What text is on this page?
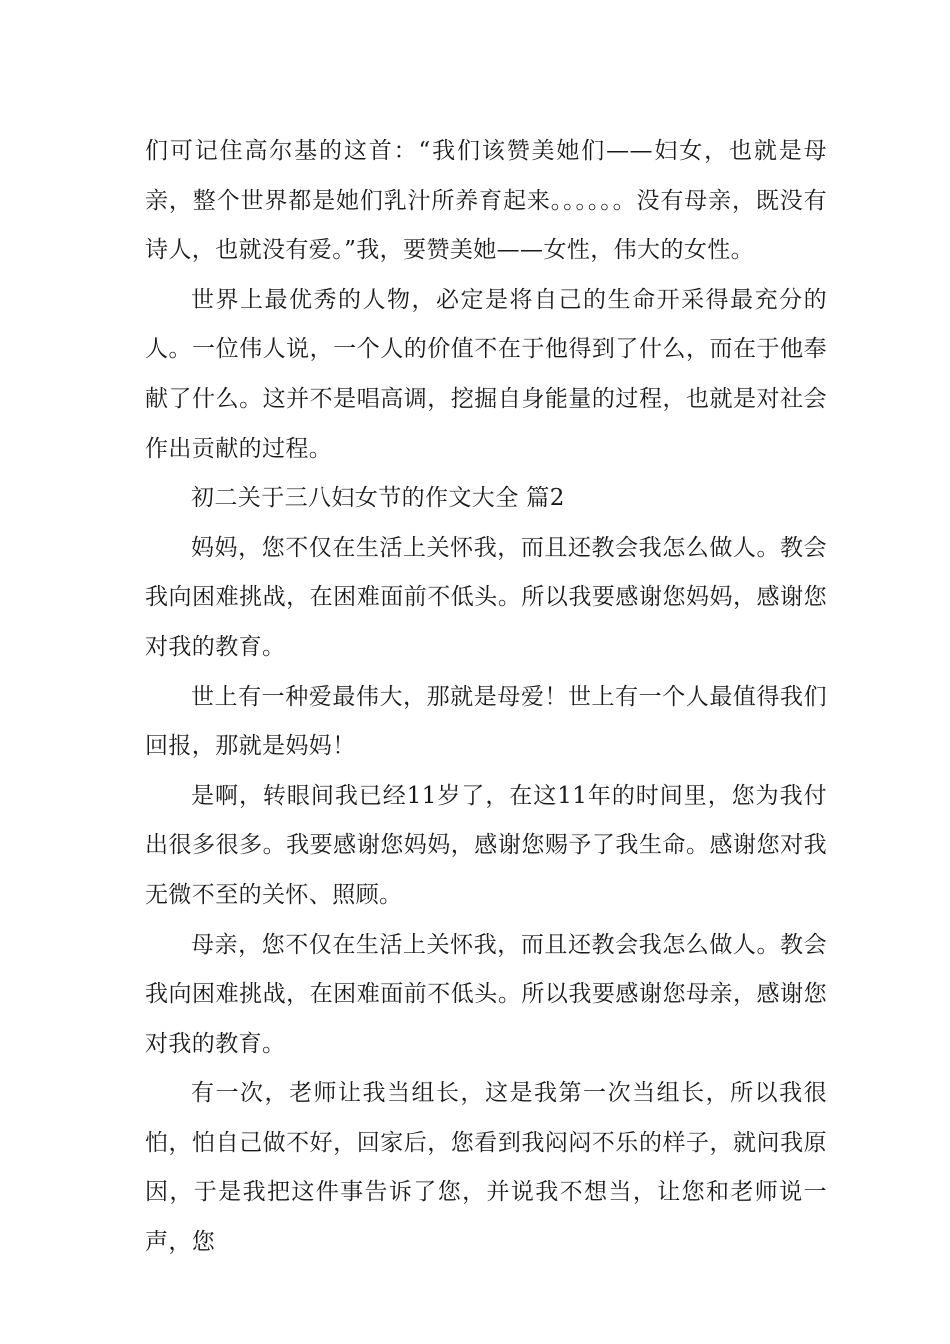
们可记住高尔基的这首：“我们该赞美她们——妇女，也就是母亲，整个世界都是她们乳汁所养育起来。。。。。。没有母亲，既没有诗人，也就没有爱。”我，要赞美她——女性，伟大的女性。

世界上最优秀的人物，必定是将自己的生命开采得最充分的人。一位伟人说，一个人的价值不在于他得到了什么，而在于他奉献了什么。这并不是唱高调，挖掘自身能量的过程，也就是对社会作出贡献的过程。

初二关于三八妇女节的作文大全 篇2

妈妈，您不仅在生活上关怀我，而且还教会我怎么做人。教会我向困难挑战，在困难面前不低头。所以我要感谢您妈妈，感谢您对我的教育。

世上有一种爱最伟大，那就是母爱！世上有一个人最值得我们回报，那就是妈妈！

是啊，转眼间我已经11岁了，在这11年的时间里，您为我付出很多很多。我要感谢您妈妈，感谢您赐予了我生命。感谢您对我无微不至的关怀、照顾。

母亲，您不仅在生活上关怀我，而且还教会我怎么做人。教会我向困难挑战，在困难面前不低头。所以我要感谢您母亲，感谢您对我的教育。

有一次，老师让我当组长，这是我第一次当组长，所以我很怕，怕自己做不好，回家后，您看到我闷闷不乐的样子，就问我原因，于是我把这件事告诉了您，并说我不想当，让您和老师说一声，您
